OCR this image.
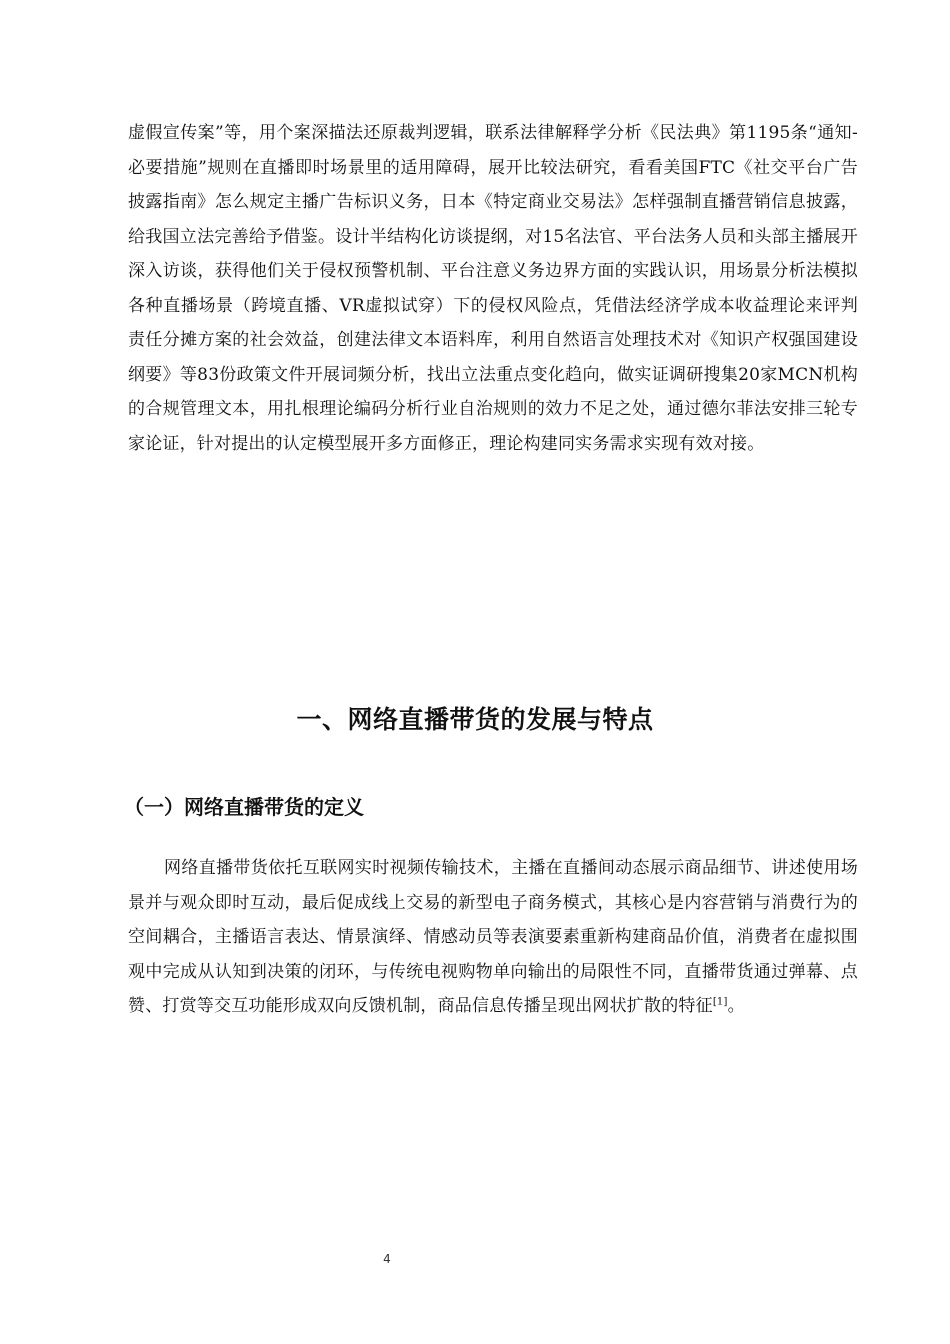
虚假宣传案”等，用个案深描法还原裁判逻辑，联系法律解释学分析《民法典》第1195条“通知-必要措施”规则在直播即时场景里的适用障碍，展开比较法研究，看看美国FTC《社交平台广告披露指南》怎么规定主播广告标识义务，日本《特定商业交易法》怎样强制直播营销信息披露，给我国立法完善给予借鉴。设计半结构化访谈提纲，对15名法官、平台法务人员和头部主播展开深入访谈，获得他们关于侵权预警机制、平台注意义务边界方面的实践认识，用场景分析法模拟各种直播场景（跨境直播、VR虚拟试穿）下的侵权风险点，凭借法经济学成本收益理论来评判责任分摊方案的社会效益，创建法律文本语料库，利用自然语言处理技术对《知识产权强国建设纲要》等83份政策文件开展词频分析，找出立法重点变化趋向，做实证调研搜集20家MCN机构的合规管理文本，用扎根理论编码分析行业自治规则的效力不足之处，通过德尔菲法安排三轮专家论证，针对提出的认定模型展开多方面修正，理论构建同实务需求实现有效对接。

一、网络直播带货的发展与特点
（一）网络直播带货的定义

网络直播带货依托互联网实时视频传输技术，主播在直播间动态展示商品细节、讲述使用场景并与观众即时互动，最后促成线上交易的新型电子商务模式，其核心是内容营销与消费行为的空间耦合，主播语言表达、情景演绎、情感动员等表演要素重新构建商品价值，消费者在虚拟围观中完成从认知到决策的闭环，与传统电视购物单向输出的局限性不同，直播带货通过弹幕、点赞、打赏等交互功能形成双向反馈机制，商品信息传播呈现出网状扩散的特征[1]。

4
